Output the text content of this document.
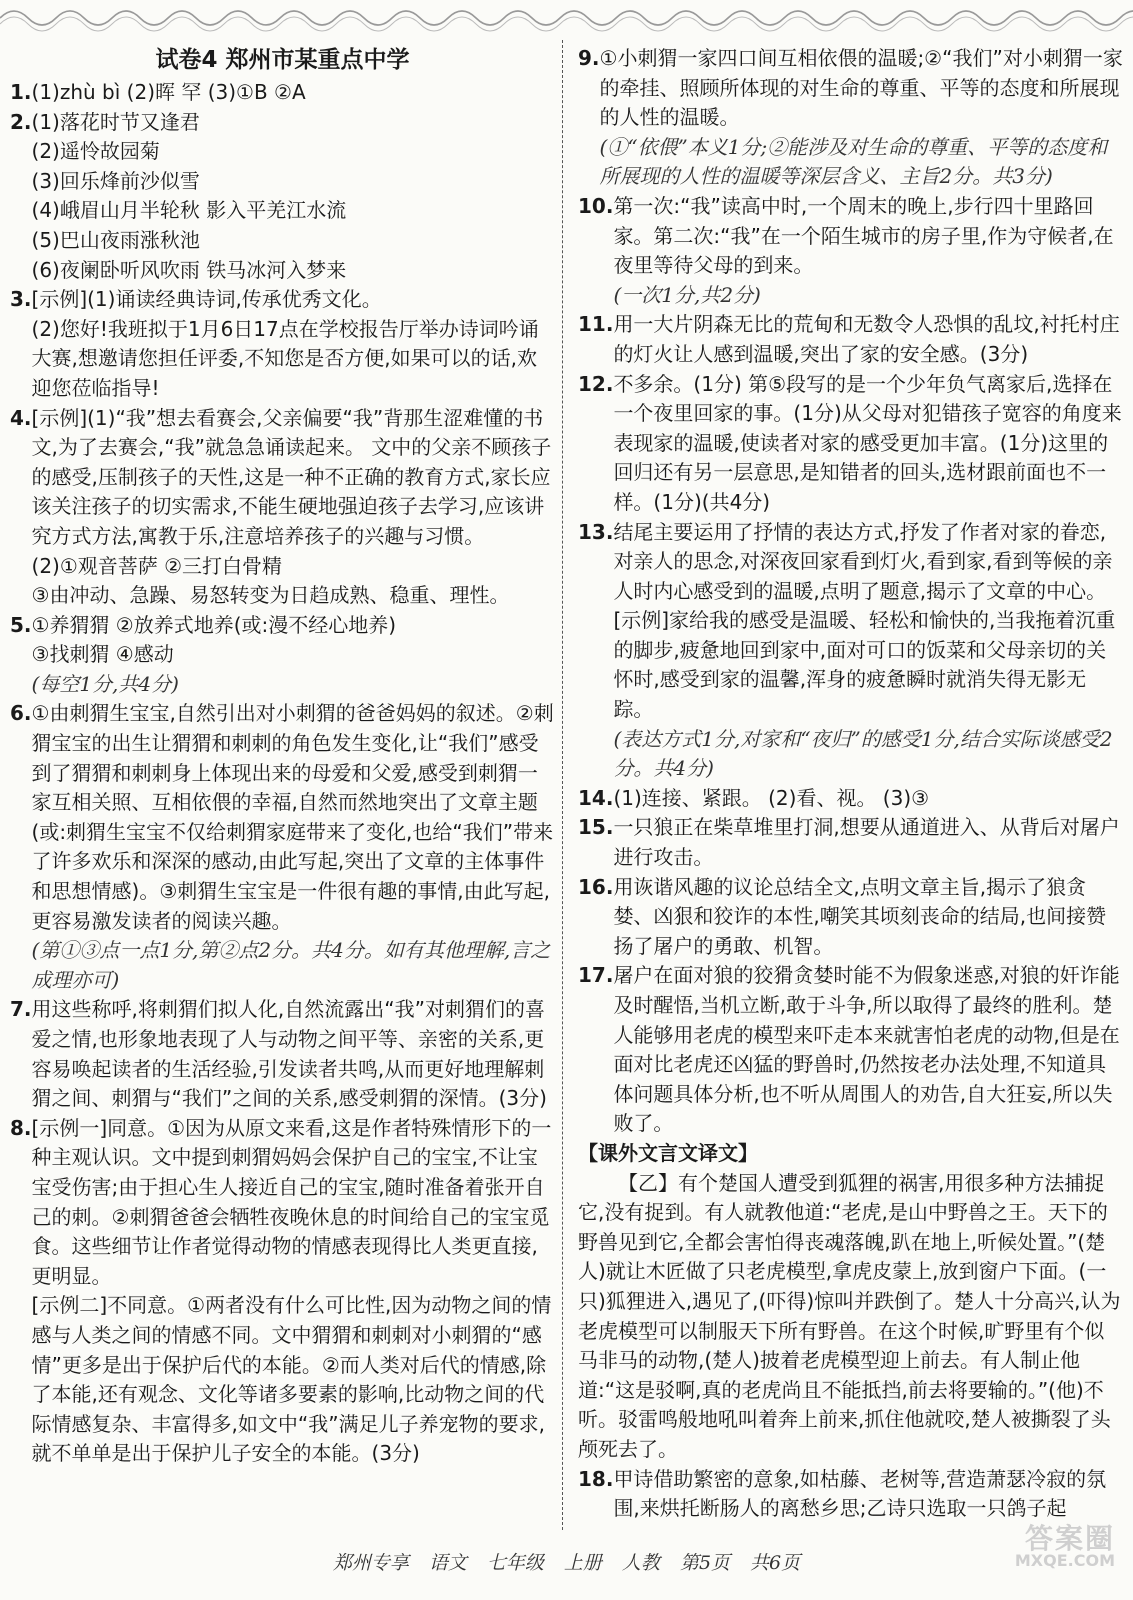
试卷4 郑州市某重点中学
1. (1)zhù bì (2)晖 罕 (3)①B ②A
2. (1)落花时节又逢君
(2)遥怜故园菊
(3)回乐烽前沙似雪
(4)峨眉山月半轮秋 影入平羌江水流
(5)巴山夜雨涨秋池
(6)夜阑卧听风吹雨 铁马冰河入梦来
3. [示例](1)诵读经典诗词,传承优秀文化。
(2)您好!我班拟于1月6日17点在学校报告厅举办诗词吟诵大赛,想邀请您担任评委,不知您是否方便,如果可以的话,欢迎您莅临指导!
4. [示例](1)“我”想去看赛会,父亲偏要“我”背那生涩难懂的书文,为了去赛会,“我”就急急诵读起来。 文中的父亲不顾孩子的感受,压制孩子的天性,这是一种不正确的教育方式,家长应该关注孩子的切实需求,不能生硬地强迫孩子去学习,应该讲究方式方法,寓教于乐,注意培养孩子的兴趣与习惯。
(2)①观音菩萨 ②三打白骨精
③由冲动、急躁、易怒转变为日趋成熟、稳重、理性。
5. ①养猬猬 ②放养式地养(或:漫不经心地养)
③找刺猬 ④感动
(每空1分,共4分)
6. ①由刺猬生宝宝,自然引出对小刺猬的爸爸妈妈的叙述。②刺猬宝宝的出生让猬猬和刺刺的角色发生变化,让“我们”感受到了猬猬和刺刺身上体现出来的母爱和父爱,感受到刺猬一家互相关照、互相依偎的幸福,自然而然地突出了文章主题(或:刺猬生宝宝不仅给刺猬家庭带来了变化,也给“我们”带来了许多欢乐和深深的感动,由此写起,突出了文章的主体事件和思想情感)。③刺猬生宝宝是一件很有趣的事情,由此写起,更容易激发读者的阅读兴趣。
(第①③点一点1分,第②点2分。共4分。如有其他理解,言之成理亦可)
7. 用这些称呼,将刺猬们拟人化,自然流露出“我”对刺猬们的喜爱之情,也形象地表现了人与动物之间平等、亲密的关系,更容易唤起读者的生活经验,引发读者共鸣,从而更好地理解刺猬之间、刺猬与“我们”之间的关系,感受刺猬的深情。(3分)
8. [示例一]同意。①因为从原文来看,这是作者特殊情形下的一种主观认识。文中提到刺猬妈妈会保护自己的宝宝,不让宝宝受伤害;由于担心生人接近自己的宝宝,随时准备着张开自己的刺。②刺猬爸爸会牺牲夜晚休息的时间给自己的宝宝觅食。这些细节让作者觉得动物的情感表现得比人类更直接,更明显。
[示例二]不同意。①两者没有什么可比性,因为动物之间的情感与人类之间的情感不同。文中猬猬和刺刺对小刺猬的“感情”更多是出于保护后代的本能。②而人类对后代的情感,除了本能,还有观念、文化等诸多要素的影响,比动物之间的代际情感复杂、丰富得多,如文中“我”满足儿子养宠物的要求,就不单单是出于保护儿子安全的本能。(3分)
9. ①小刺猬一家四口间互相依偎的温暖;②“我们”对小刺猬一家的牵挂、照顾所体现的对生命的尊重、平等的态度和所展现的人性的温暖。
(①“依偎”本义1分;②能涉及对生命的尊重、平等的态度和所展现的人性的温暖等深层含义、主旨2分。共3分)
10. 第一次:“我”读高中时,一个周末的晚上,步行四十里路回家。第二次:“我”在一个陌生城市的房子里,作为守候者,在夜里等待父母的到来。
(一次1分,共2分)
11. 用一大片阴森无比的荒甸和无数令人恐惧的乱坟,衬托村庄的灯火让人感到温暖,突出了家的安全感。(3分)
12. 不多余。(1分) 第⑤段写的是一个少年负气离家后,选择在一个夜里回家的事。(1分)从父母对犯错孩子宽容的角度来表现家的温暖,使读者对家的感受更加丰富。(1分)这里的回归还有另一层意思,是知错者的回头,选材跟前面也不一样。(1分)(共4分)
13. 结尾主要运用了抒情的表达方式,抒发了作者对家的眷恋,对亲人的思念,对深夜回家看到灯火,看到家,看到等候的亲人时内心感受到的温暖,点明了题意,揭示了文章的中心。 [示例]家给我的感受是温暖、轻松和愉快的,当我拖着沉重的脚步,疲惫地回到家中,面对可口的饭菜和父母亲切的关怀时,感受到家的温馨,浑身的疲惫瞬时就消失得无影无踪。
(表达方式1分,对家和“夜归”的感受1分,结合实际谈感受2分。共4分)
14. (1)连接、紧跟。 (2)看、视。 (3)③
15. 一只狼正在柴草堆里打洞,想要从通道进入、从背后对屠户进行攻击。
16. 用诙谐风趣的议论总结全文,点明文章主旨,揭示了狼贪婪、凶狠和狡诈的本性,嘲笑其顷刻丧命的结局,也间接赞扬了屠户的勇敢、机智。
17. 屠户在面对狼的狡猾贪婪时能不为假象迷惑,对狼的奸诈能及时醒悟,当机立断,敢于斗争,所以取得了最终的胜利。楚人能够用老虎的模型来吓走本来就害怕老虎的动物,但是在面对比老虎还凶猛的野兽时,仍然按老办法处理,不知道具体问题具体分析,也不听从周围人的劝告,自大狂妄,所以失败了。
【课外文言文译文】
【乙】有个楚国人遭受到狐狸的祸害,用很多种方法捕捉它,没有捉到。有人就教他道:“老虎,是山中野兽之王。天下的野兽见到它,全都会害怕得丧魂落魄,趴在地上,听候处置。”(楚人)就让木匠做了只老虎模型,拿虎皮蒙上,放到窗户下面。(一只)狐狸进入,遇见了,(吓得)惊叫并跌倒了。楚人十分高兴,认为老虎模型可以制服天下所有野兽。在这个时候,旷野里有个似马非马的动物,(楚人)披着老虎模型迎上前去。有人制止他道:“这是驳啊,真的老虎尚且不能抵挡,前去将要输的。”(他)不听。驳雷鸣般地吼叫着奔上前来,抓住他就咬,楚人被撕裂了头颅死去了。
18. 甲诗借助繁密的意象,如枯藤、老树等,营造萧瑟冷寂的氛围,来烘托断肠人的离愁乡思;乙诗只选取一只鸽子起
郑州专享 语文 七年级 上册 人教 第5页 共6页
答案圈
MXQE.COM
